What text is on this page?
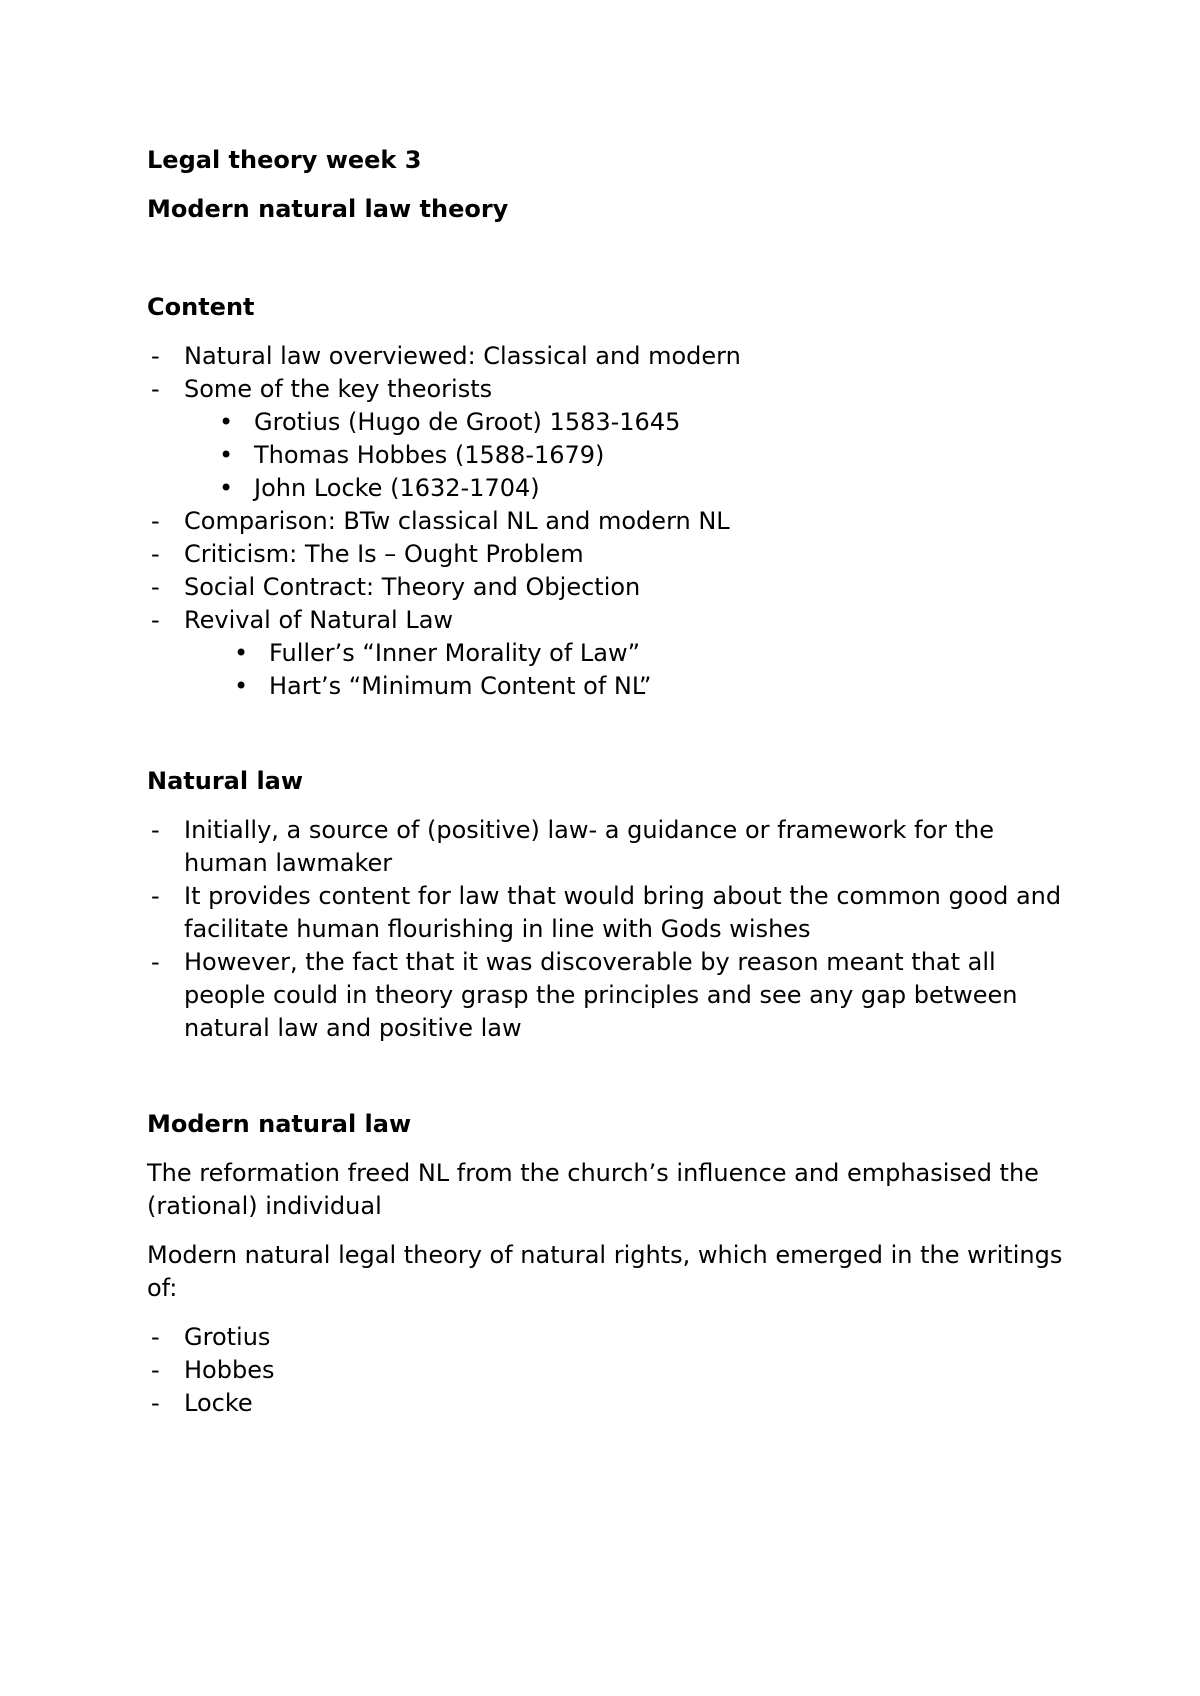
Legal theory week 3
Modern natural law theory
Content
- Natural law overviewed: Classical and modern
- Some of the key theorists
• Grotius (Hugo de Groot) 1583-1645
• Thomas Hobbes (1588-1679)
• John Locke (1632-1704)
- Comparison: BTw classical NL and modern NL
- Criticism: The Is – Ought Problem
- Social Contract: Theory and Objection
- Revival of Natural Law
• Fuller’s “Inner Morality of Law”
• Hart’s “Minimum Content of NL”
Natural law
- Initially, a source of (positive) law- a guidance or framework for the human lawmaker
- It provides content for law that would bring about the common good and facilitate human flourishing in line with Gods wishes
- However, the fact that it was discoverable by reason meant that all people could in theory grasp the principles and see any gap between natural law and positive law
Modern natural law
The reformation freed NL from the church’s influence and emphasised the (rational) individual
Modern natural legal theory of natural rights, which emerged in the writings of:
- Grotius
- Hobbes
- Locke
